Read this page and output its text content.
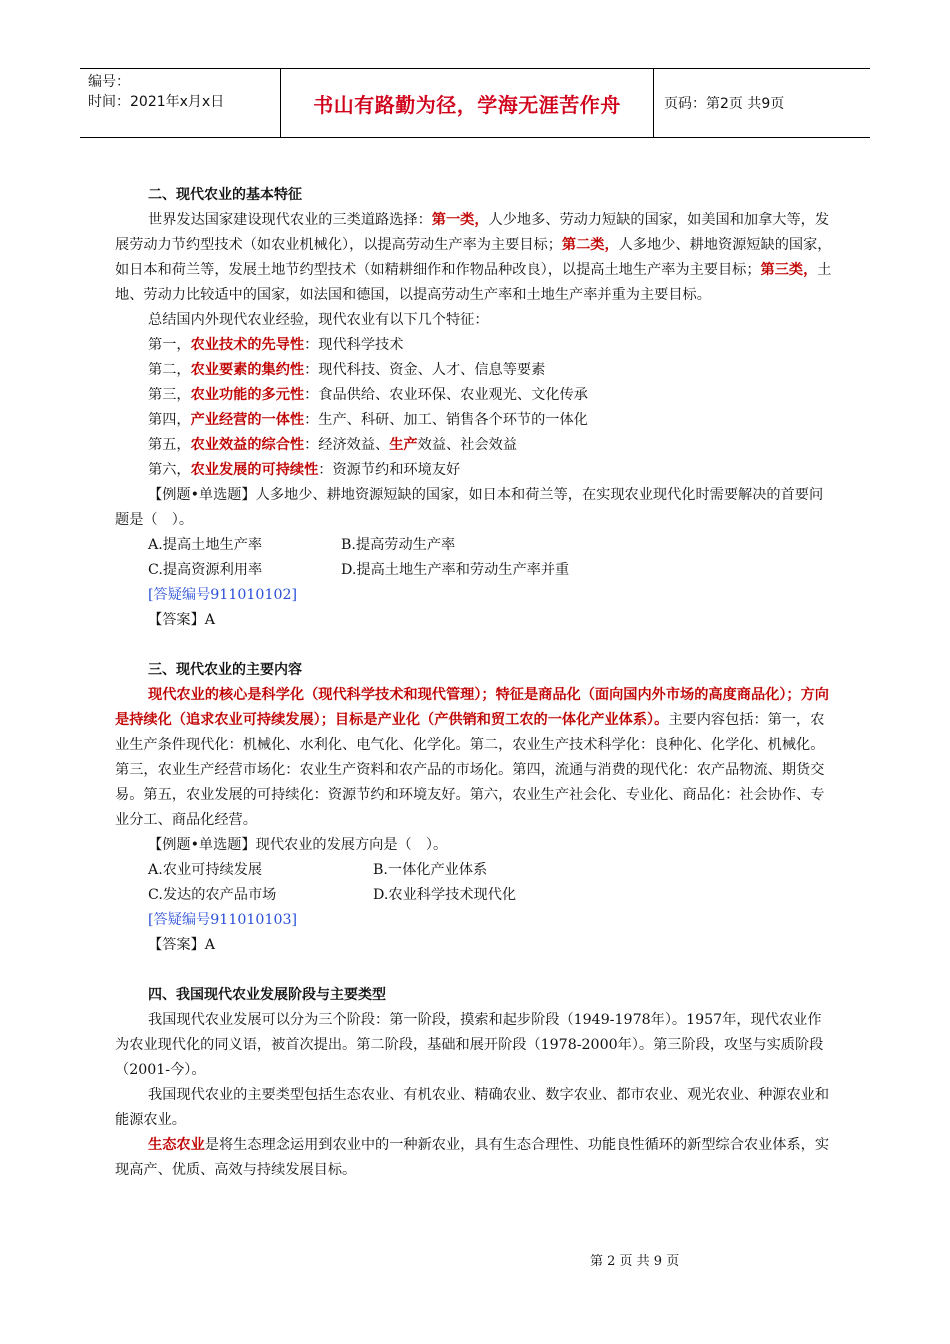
编号：
时间：2021年x月x日	书山有路勤为径，学海无涯苦作舟	页码：第2页 共9页

二、现代农业的基本特征

世界发达国家建设现代农业的三类道路选择：第一类，人少地多、劳动力短缺的国家，如美国和加拿大等，发展劳动力节约型技术（如农业机械化），以提高劳动生产率为主要目标；第二类，人多地少、耕地资源短缺的国家，如日本和荷兰等，发展土地节约型技术（如精耕细作和作物品种改良），以提高土地生产率为主要目标；第三类，土地、劳动力比较适中的国家，如法国和德国，以提高劳动生产率和土地生产率并重为主要目标。

总结国内外现代农业经验，现代农业有以下几个特征：

第一，农业技术的先导性：现代科学技术

第二，农业要素的集约性：现代科技、资金、人才、信息等要素

第三，农业功能的多元性：食品供给、农业环保、农业观光、文化传承

第四，产业经营的一体性：生产、科研、加工、销售各个环节的一体化

第五，农业效益的综合性：经济效益、生产效益、社会效益

第六，农业发展的可持续性：资源节约和环境友好

【例题•单选题】人多地少、耕地资源短缺的国家，如日本和荷兰等，在实现农业现代化时需要解决的首要问题是（　）。

A.提高土地生产率	B.提高劳动生产率

C.提高资源利用率	D.提高土地生产率和劳动生产率并重

[答疑编号911010102]

【答案】A

三、现代农业的主要内容

现代农业的核心是科学化（现代科学技术和现代管理）；特征是商品化（面向国内外市场的高度商品化）；方向是持续化（追求农业可持续发展）；目标是产业化（产供销和贸工农的一体化产业体系）。主要内容包括：第一，农业生产条件现代化：机械化、水利化、电气化、化学化。第二，农业生产技术科学化：良种化、化学化、机械化。第三，农业生产经营市场化：农业生产资料和农产品的市场化。第四，流通与消费的现代化：农产品物流、期货交易。第五，农业发展的可持续化：资源节约和环境友好。第六，农业生产社会化、专业化、商品化：社会协作、专业分工、商品化经营。

【例题•单选题】现代农业的发展方向是（　）。

A.农业可持续发展	B.一体化产业体系

C.发达的农产品市场	D.农业科学技术现代化

[答疑编号911010103]

【答案】A

四、我国现代农业发展阶段与主要类型

我国现代农业发展可以分为三个阶段：第一阶段，摸索和起步阶段（1949-1978年）。1957年，现代农业作为农业现代化的同义语，被首次提出。第二阶段，基础和展开阶段（1978-2000年）。第三阶段，攻坚与实质阶段（2001-今）。

我国现代农业的主要类型包括生态农业、有机农业、精确农业、数字农业、都市农业、观光农业、种源农业和能源农业。

生态农业是将生态理念运用到农业中的一种新农业，具有生态合理性、功能良性循环的新型综合农业体系，实现高产、优质、高效与持续发展目标。

第 2 页 共 9 页
